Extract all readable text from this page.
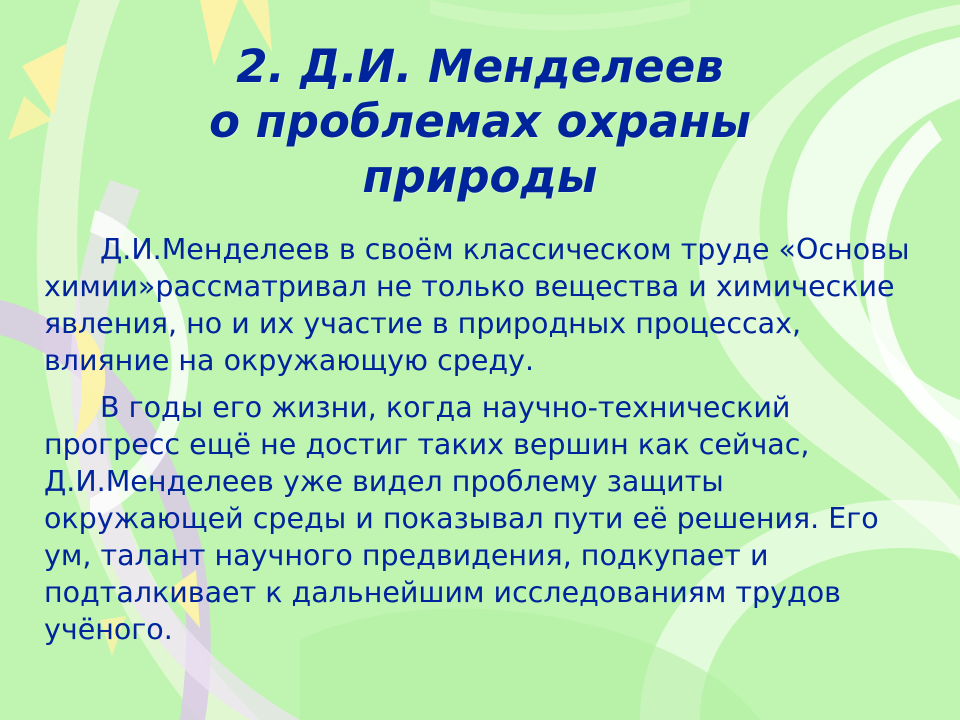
2. Д.И. Менделеев
о проблемах охраны
природы

Д.И.Менделеев в своём классическом труде «Основы химии»рассматривал не только вещества и химические явления, но и их участие в природных процессах, влияние на окружающую среду.

В годы его жизни, когда научно-технический прогресс ещё не достиг таких вершин как сейчас, Д.И.Менделеев уже видел проблему защиты окружающей среды и показывал пути её решения. Его ум, талант научного предвидения, подкупает и подталкивает к дальнейшим исследованиям трудов учёного.
